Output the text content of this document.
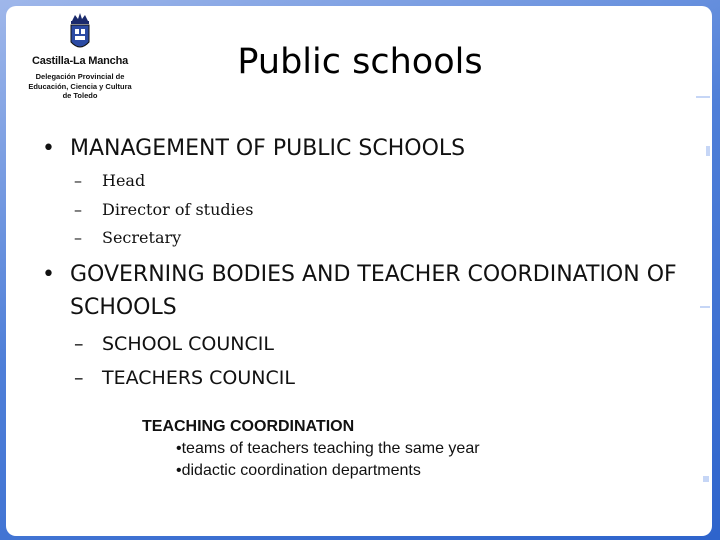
Castilla-La Mancha
Delegación Provincial de
Educación, Ciencia y Cultura
de Toledo
Public schools
• MANAGEMENT OF PUBLIC SCHOOLS
– Head
– Director of studies
– Secretary
• GOVERNING BODIES AND TEACHER COORDINATION OF SCHOOLS
– SCHOOL COUNCIL
– TEACHERS COUNCIL
TEACHING COORDINATION
•teams of teachers teaching the same year
•didactic coordination departments
